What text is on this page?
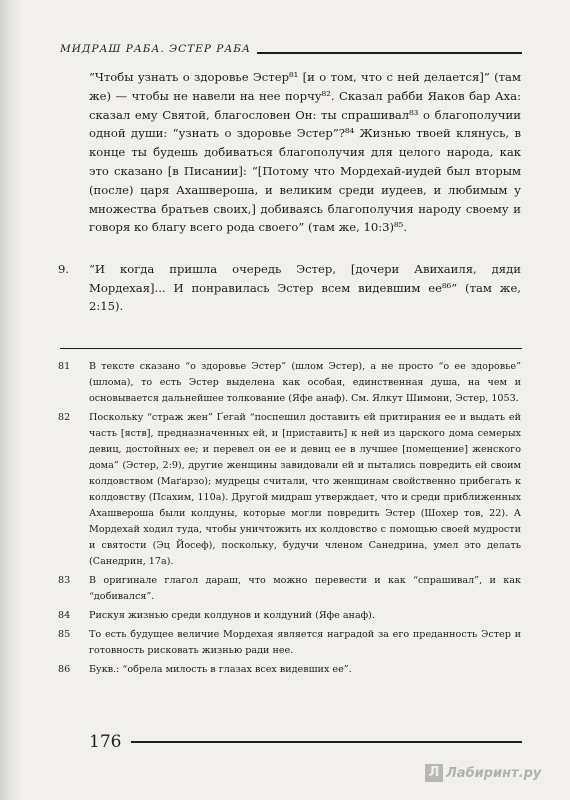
МИДРАШ РАБА. ЭСТЕР РАБА

“Чтобы узнать о здоровье Эстер⁸¹ [и о том, что с ней делается]” (там же) — чтобы не навели на нее порчу⁸². Сказал рабби Яаков бар Аха: сказал ему Святой, благословен Он: ты спрашивал⁸³ о благополучии одной души: “узнать о здоровье Эстер”?⁸⁴ Жизнью твоей клянусь, в конце ты будешь добиваться благополучия для целого народа, как это сказано [в Писании]: “[Потому что Мордехай-иудей был вторым (после) царя Ахашвероша, и великим среди иудеев, и любимым у множества братьев своих,] добиваясь благополучия народу своему и говоря ко благу всего рода своего” (там же, 10:3)⁸⁵.

9.	“И когда пришла очередь Эстер, [дочери Авихаиля, дяди Мордехая]... И понравилась Эстер всем видевшим ее⁸⁶” (там же, 2:15).
81	В тексте сказано “о здоровье Эстер” (шлом Эстер), а не просто “о ее здоровье” (шлома), то есть Эстер выделена как особая, единственная душа, на чем и основывается дальнейшее толкование (Яфе анаф). См. Ялкут Шимони, Эстер, 1053.
82	Поскольку “страж жен” Ґегай “поспешил доставить ей притирания ее и выдать ей часть [яств], предназначенных ей, и [приставить] к ней из царского дома семерых девиц, достойных ее; и перевел он ее и девиц ее в лучшее [помещение] женского дома” (Эстер, 2:9), другие женщины завидовали ей и пытались повредить ей своим колдовством (Маґарзо); мудрецы считали, что женщинам свойственно прибегать к колдовству (Псахим, 110а). Другой мидраш утверждает, что и среди приближенных Ахашвероша были колдуны, которые могли повредить Эстер (Шохер тов, 22). А Мордехай ходил туда, чтобы уничтожить их колдовство с помощью своей мудрости и святости (Эц Йосеф), поскольку, будучи членом Санедрина, умел это делать (Санедрин, 17а).
83	В оригинале глагол дараш, что можно перевести и как “спрашивал”, и как “добивался”.
84	Рискуя жизнью среди колдунов и колдуний (Яфе анаф).
85	То есть будущее величие Мордехая является наградой за его преданность Эстер и готовность рисковать жизнью ради нее.
86	Букв.: “обрела милость в глазах всех видевших ее”.
176
Л Лабиринт.ру
